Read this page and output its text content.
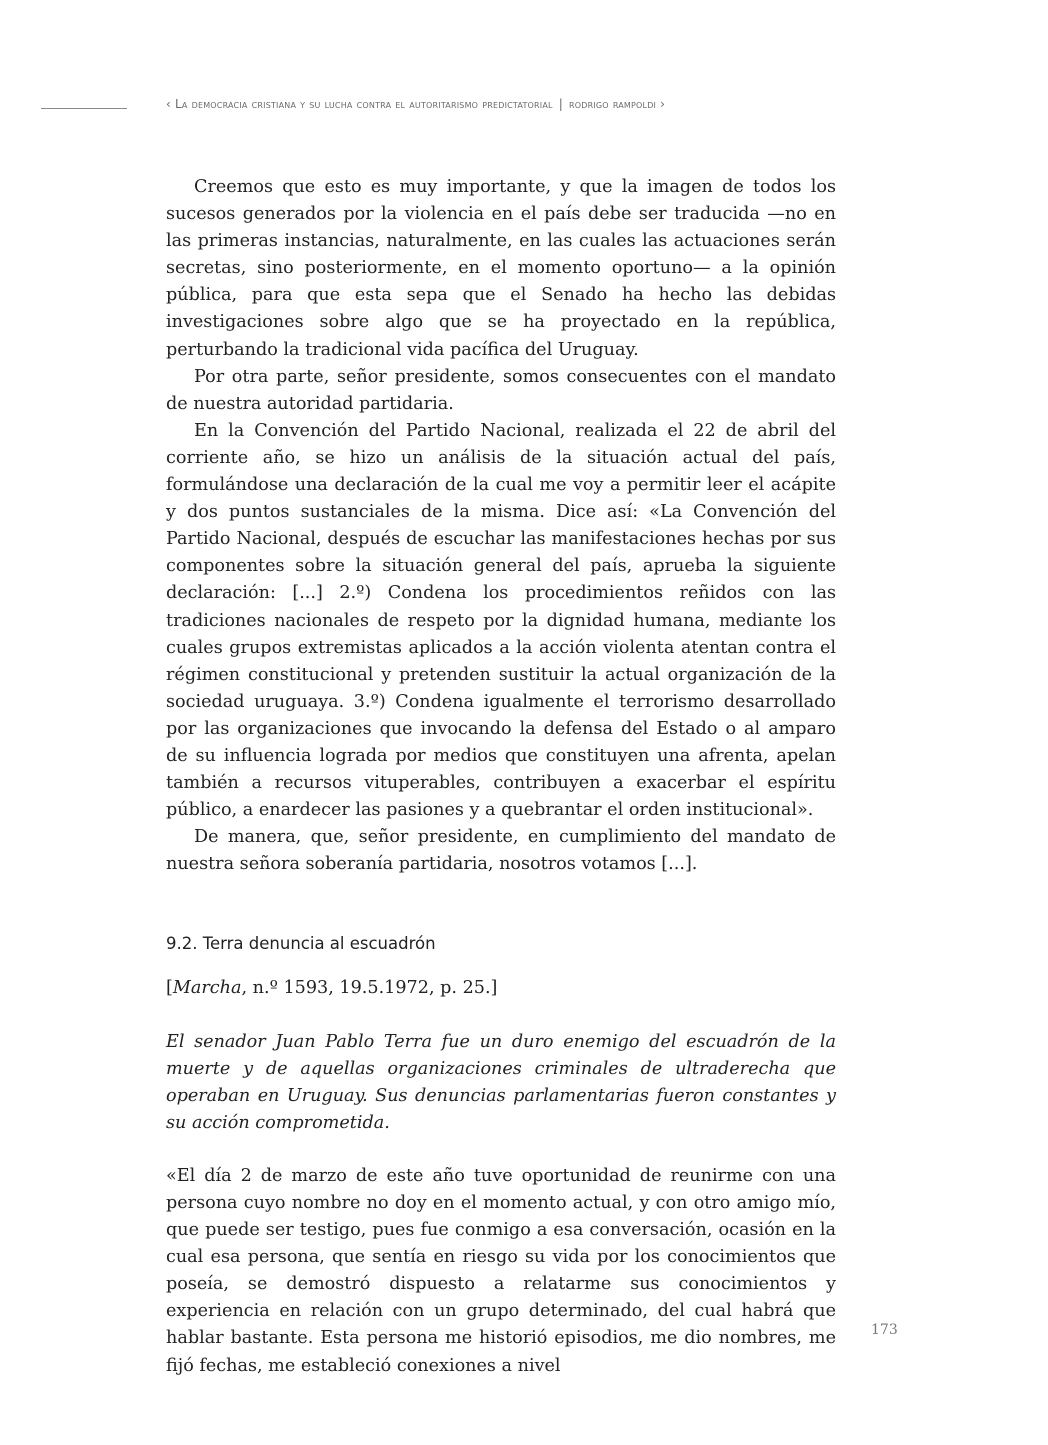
‹ La democracia cristiana y su lucha contra el autoritarismo predictatorial | rodrigo rampoldi ›

Creemos que esto es muy importante, y que la imagen de todos los sucesos generados por la violencia en el país debe ser traducida —no en las primeras instancias, naturalmente, en las cuales las actuaciones serán secretas, sino posteriormente, en el momento oportuno— a la opinión pública, para que esta sepa que el Senado ha hecho las debidas investigaciones sobre algo que se ha proyectado en la república, perturbando la tradicional vida pacífica del Uruguay.

Por otra parte, señor presidente, somos consecuentes con el mandato de nuestra autoridad partidaria.

En la Convención del Partido Nacional, realizada el 22 de abril del corriente año, se hizo un análisis de la situación actual del país, formulándose una declaración de la cual me voy a permitir leer el acápite y dos puntos sustanciales de la misma. Dice así: «La Convención del Partido Nacional, después de escuchar las manifestaciones hechas por sus componentes sobre la situación general del país, aprueba la siguiente declaración: [...] 2.º) Condena los procedimientos reñidos con las tradiciones nacionales de respeto por la dignidad humana, mediante los cuales grupos extremistas aplicados a la acción violenta atentan contra el régimen constitucional y pretenden sustituir la actual organización de la sociedad uruguaya. 3.º) Condena igualmente el terrorismo desarrollado por las organizaciones que invocando la defensa del Estado o al amparo de su influencia lograda por medios que constituyen una afrenta, apelan también a recursos vituperables, contribuyen a exacerbar el espíritu público, a enardecer las pasiones y a quebrantar el orden institucional».

De manera, que, señor presidente, en cumplimiento del mandato de nuestra señora soberanía partidaria, nosotros votamos [...].

9.2. Terra denuncia al escuadrón

[Marcha, n.º 1593, 19.5.1972, p. 25.]

El senador Juan Pablo Terra fue un duro enemigo del escuadrón de la muerte y de aquellas organizaciones criminales de ultraderecha que operaban en Uruguay. Sus denuncias parlamentarias fueron constantes y su acción comprometida.

«El día 2 de marzo de este año tuve oportunidad de reunirme con una persona cuyo nombre no doy en el momento actual, y con otro amigo mío, que puede ser testigo, pues fue conmigo a esa conversación, ocasión en la cual esa persona, que sentía en riesgo su vida por los conocimientos que poseía, se demostró dispuesto a relatarme sus conocimientos y experiencia en relación con un grupo determinado, del cual habrá que hablar bastante. Esta persona me historió episodios, me dio nombres, me fijó fechas, me estableció conexiones a nivel

173
